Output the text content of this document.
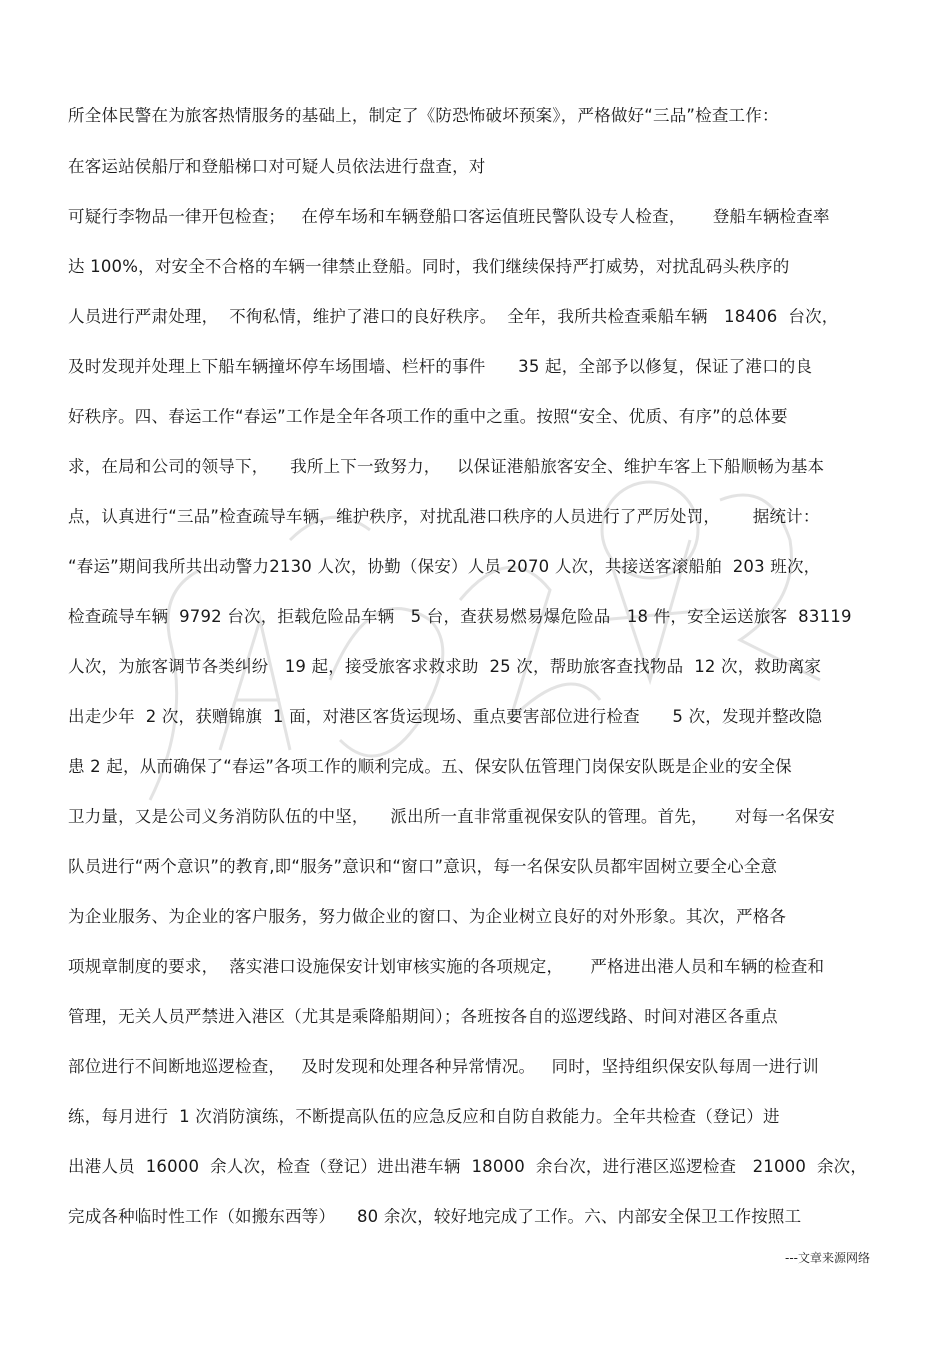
所全体民警在为旅客热情服务的基础上，制定了《防恐怖破坏预案》，严格做好“三品”检查工作：
在客运站侯船厅和登船梯口对可疑人员依法进行盘查，对
可疑行李物品一律开包检查；   在停车场和车辆登船口客运值班民警队设专人检查，     登船车辆检查率
达 100%，对安全不合格的车辆一律禁止登船。同时，我们继续保持严打威势，对扰乱码头秩序的
人员进行严肃处理，  不徇私情，维护了港口的良好秩序。  全年，我所共检查乘船车辆   18406  台次，
及时发现并处理上下船车辆撞坏停车场围墙、栏杆的事件      35 起，全部予以修复，保证了港口的良
好秩序。四、春运工作“春运”工作是全年各项工作的重中之重。按照“安全、优质、有序”的总体要
求，在局和公司的领导下，    我所上下一致努力，   以保证港船旅客安全、维护车客上下船顺畅为基本
点，认真进行“三品”检查疏导车辆，维护秩序，对扰乱港口秩序的人员进行了严厉处罚，      据统计：
“春运”期间我所共出动警力2130 人次，协勤（保安）人员 2070 人次，共接送客滚船舶  203 班次，
检查疏导车辆  9792 台次，拒载危险品车辆   5 台，查获易燃易爆危险品   18 件，安全运送旅客  83119
人次，为旅客调节各类纠纷   19 起，接受旅客求救求助  25 次，帮助旅客查找物品  12 次，救助离家
出走少年  2 次，获赠锦旗  1 面，对港区客货运现场、重点要害部位进行检查      5 次，发现并整改隐
患 2 起，从而确保了“春运”各项工作的顺利完成。五、保安队伍管理门岗保安队既是企业的安全保
卫力量，又是公司义务消防队伍的中坚，    派出所一直非常重视保安队的管理。首先，     对每一名保安
队员进行“两个意识”的教育,即“服务”意识和“窗口”意识，每一名保安队员都牢固树立要全心全意
为企业服务、为企业的客户服务，努力做企业的窗口、为企业树立良好的对外形象。其次，严格各
项规章制度的要求，  落实港口设施保安计划审核实施的各项规定，     严格进出港人员和车辆的检查和
管理，无关人员严禁进入港区（尤其是乘降船期间）；各班按各自的巡逻线路、时间对港区各重点
部位进行不间断地巡逻检查，   及时发现和处理各种异常情况。   同时，坚持组织保安队每周一进行训
练，每月进行  1 次消防演练，不断提高队伍的应急反应和自防自救能力。全年共检查（登记）进
出港人员  16000  余人次，检查（登记）进出港车辆  18000  余台次，进行港区巡逻检查   21000  余次，
完成各种临时性工作（如搬东西等）    80 余次，较好地完成了工作。六、内部安全保卫工作按照工
---文章来源网络
